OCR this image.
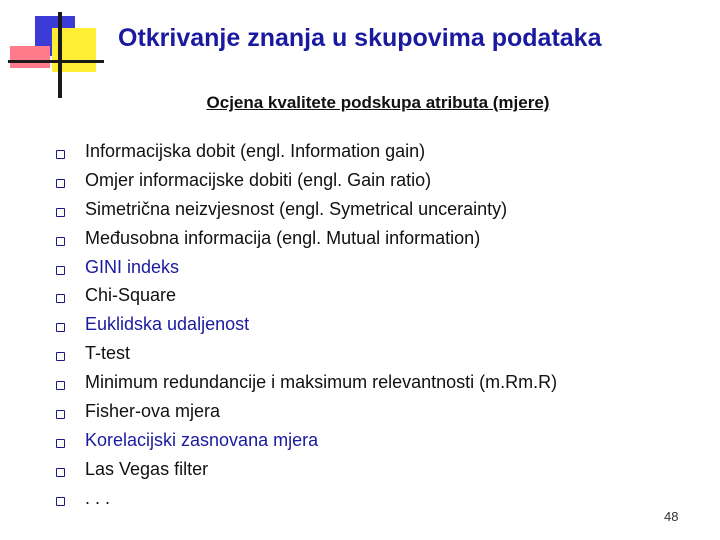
Otkrivanje znanja u skupovima podataka
Ocjena kvalitete podskupa atributa (mjere)
Informacijska dobit (engl. Information gain)
Omjer informacijske dobiti (engl. Gain ratio)
Simetrična neizvjesnost (engl. Symetrical uncerainty)
Međusobna informacija (engl. Mutual information)
GINI indeks
Chi-Square
Euklidska udaljenost
T-test
Minimum redundancije i maksimum relevantnosti (m.Rm.R)
Fisher-ova mjera
Korelacijski zasnovana mjera
Las Vegas filter
. . .
48
